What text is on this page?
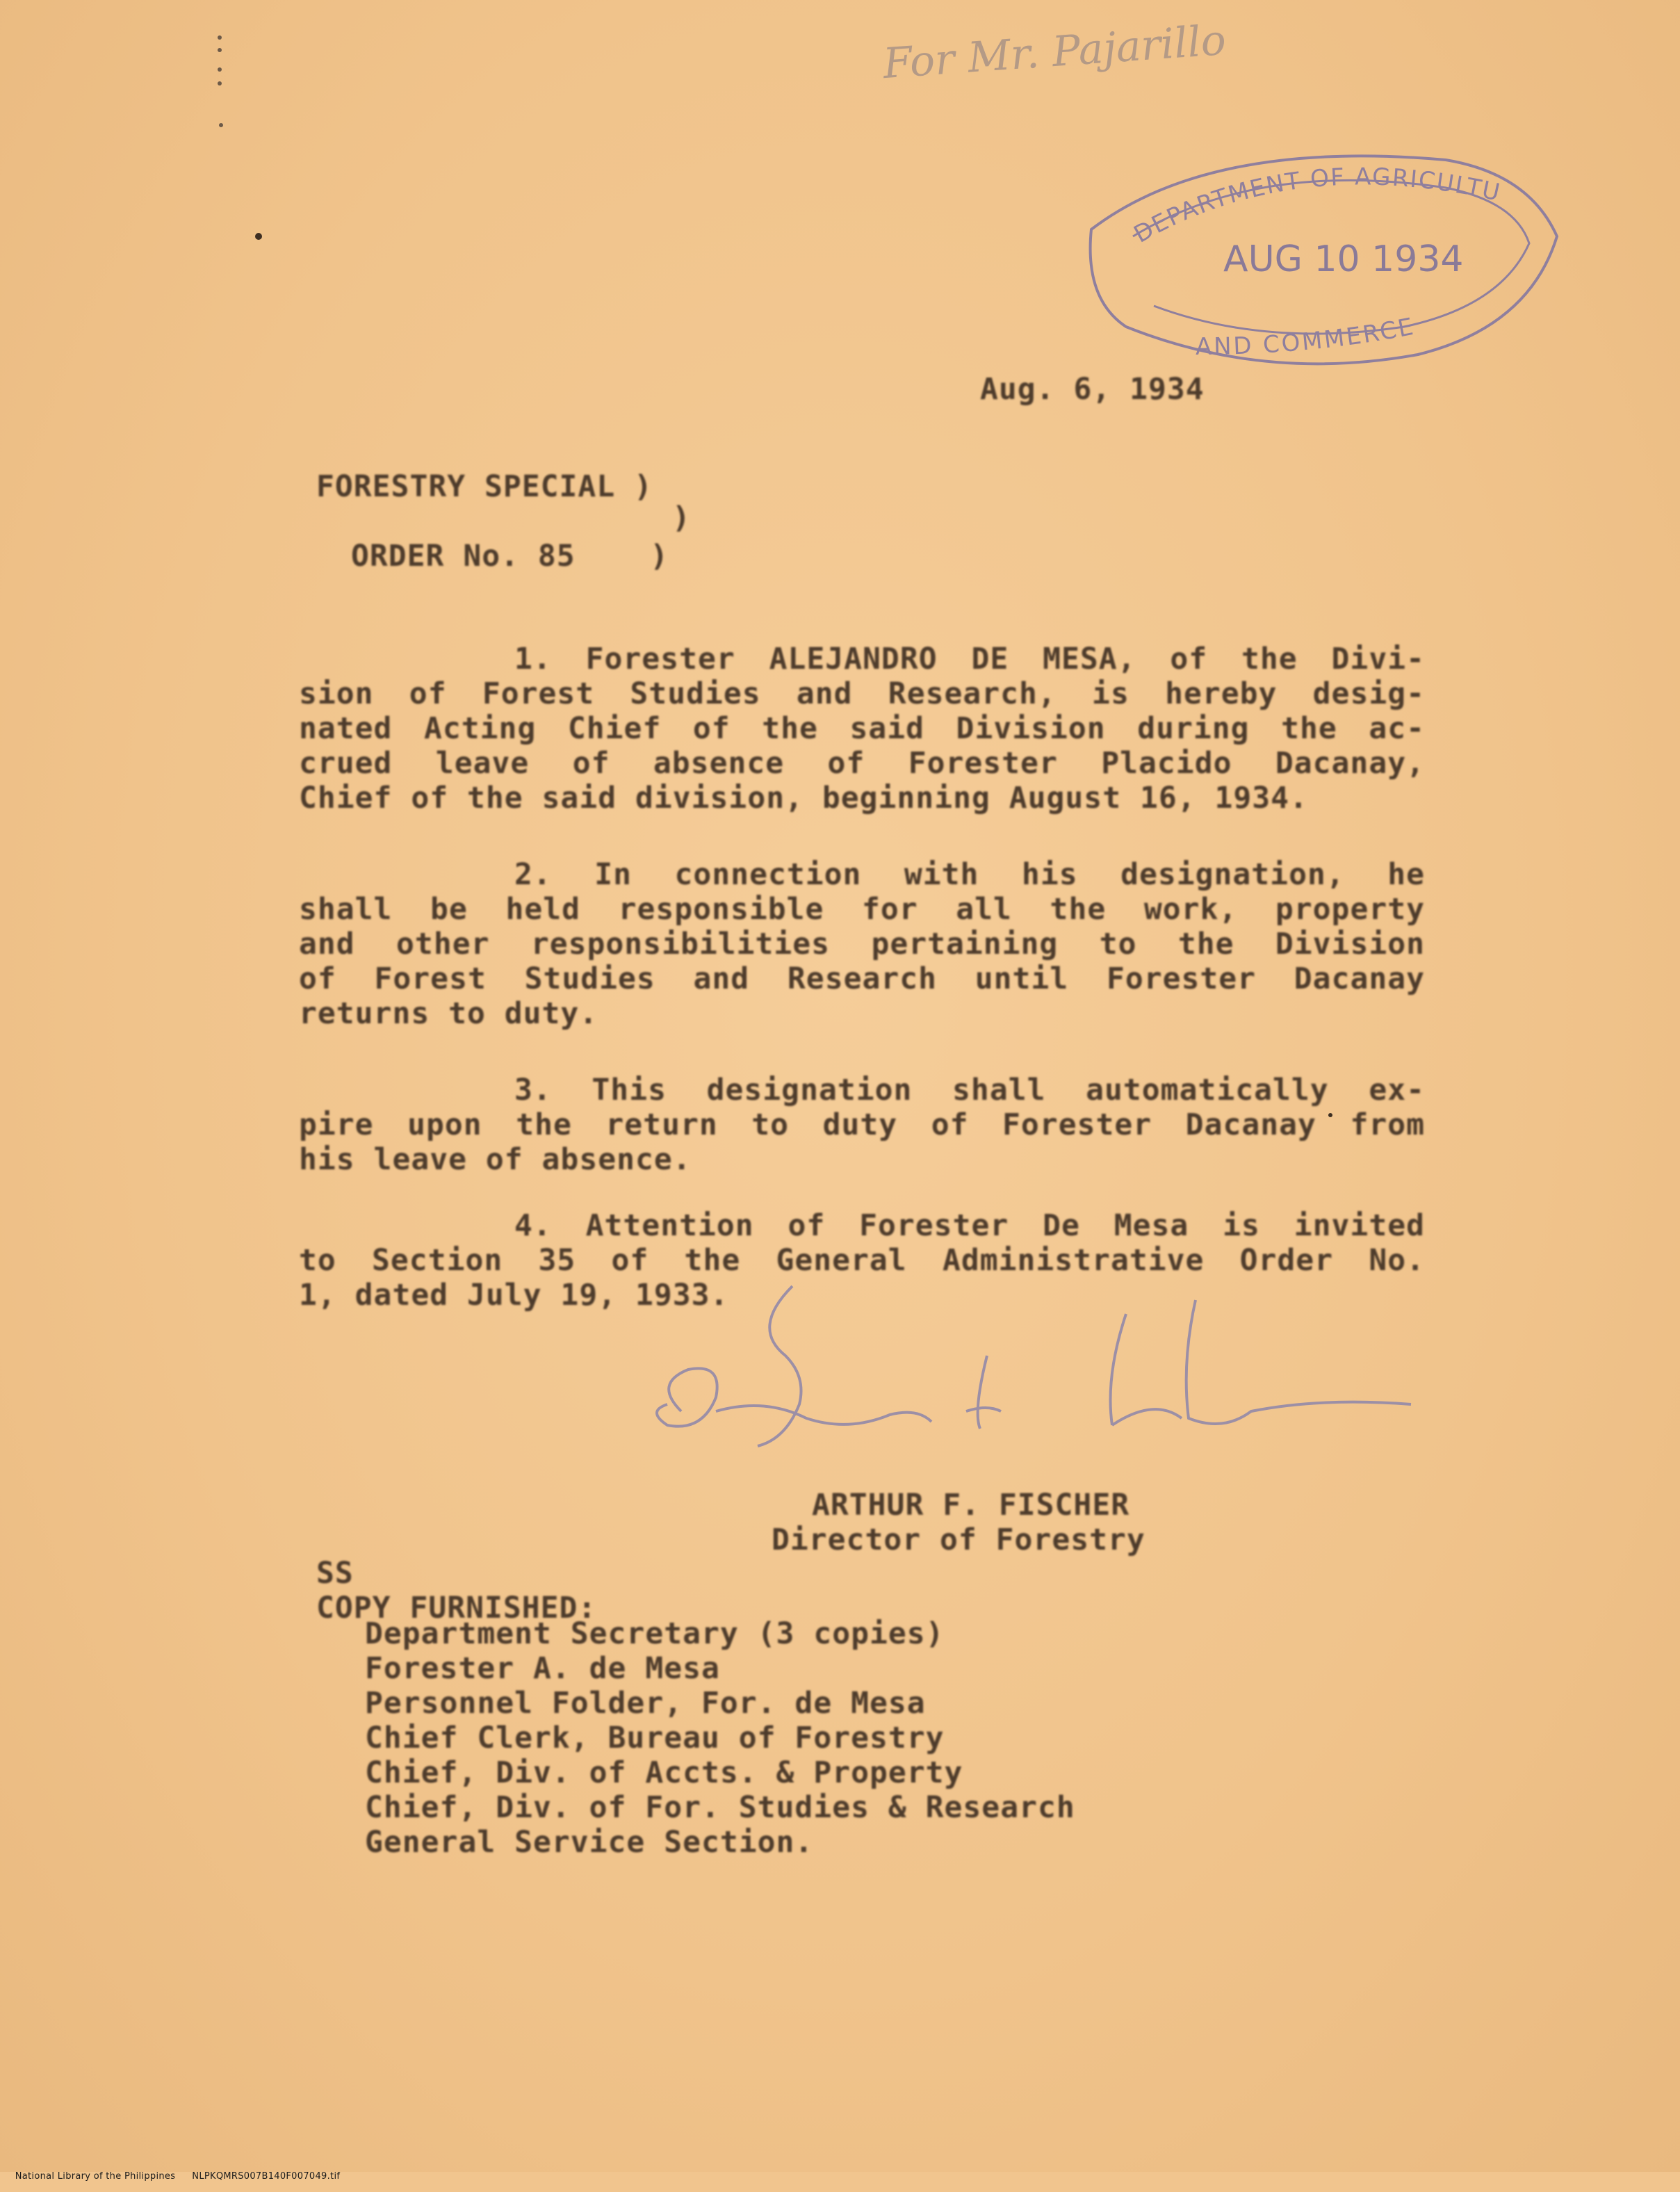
For Mr. Pajarillo
DEPARTMENT OF AGRICULTURE
AUG 10 1934
AND COMMERCE
Aug. 6, 1934
FORESTRY SPECIAL )
)
ORDER No. 85    )
1. Forester ALEJANDRO DE MESA, of the Divi-
sion of Forest Studies and Research, is hereby desig-
nated Acting Chief of the said Division during the ac-
crued leave of absence of Forester Placido Dacanay,
Chief of the said division, beginning August 16, 1934.
2. In connection with his designation, he
shall be held responsible for all the work, property
and other responsibilities pertaining to the Division
of Forest Studies and Research until Forester Dacanay
returns to duty.
3. This designation shall automatically ex-
pire upon the return to duty of Forester Dacanay from
his leave of absence.
4. Attention of Forester De Mesa is invited
to Section 35 of the General Administrative Order No.
1, dated July 19, 1933.
ARTHUR F. FISCHER
Director of Forestry
SS
COPY FURNISHED:
Department Secretary (3 copies)
Forester A. de Mesa
Personnel Folder, For. de Mesa
Chief Clerk, Bureau of Forestry
Chief, Div. of Accts. & Property
Chief, Div. of For. Studies & Research
General Service Section.

National Library of the Philippines NLPKQMRS007B140F007049.tif
